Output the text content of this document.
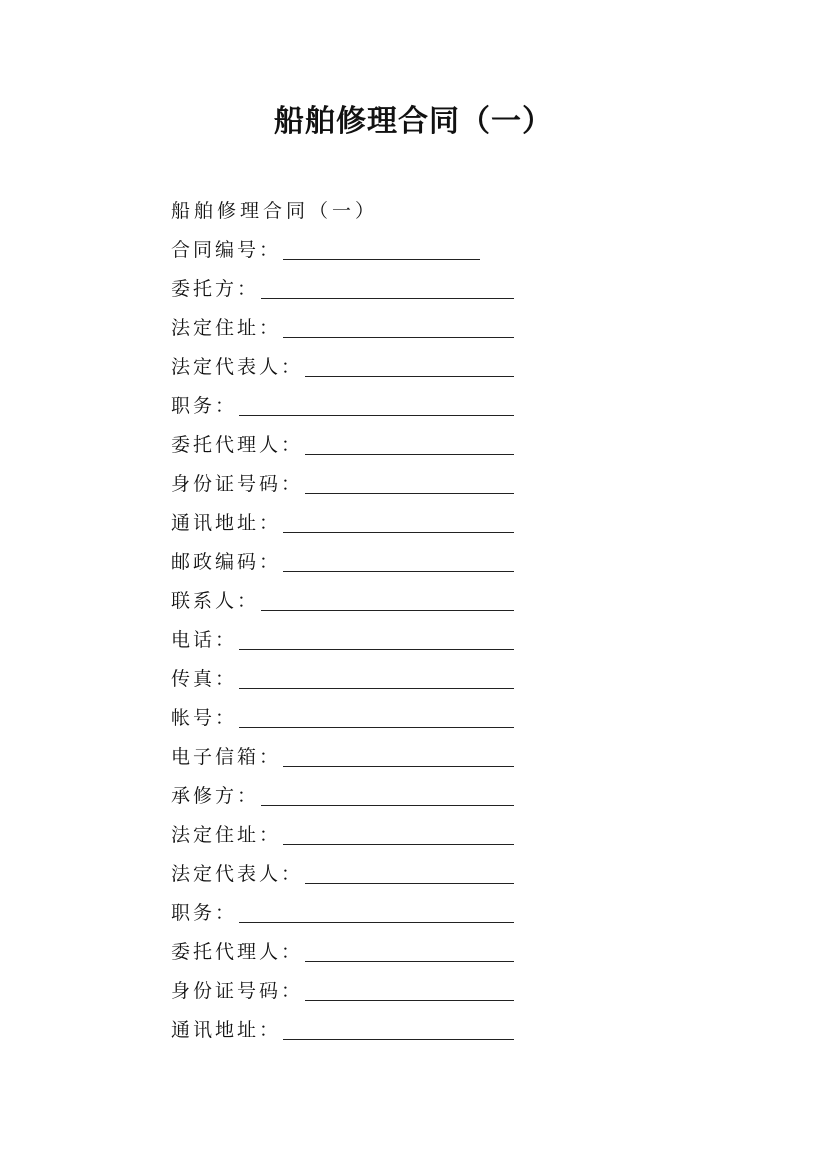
船舶修理合同（一）
船舶修理合同（一）
合同编号：
委托方：
法定住址：
法定代表人：
职务：
委托代理人：
身份证号码：
通讯地址：
邮政编码：
联系人：
电话：
传真：
帐号：
电子信箱：
承修方：
法定住址：
法定代表人：
职务：
委托代理人：
身份证号码：
通讯地址：
